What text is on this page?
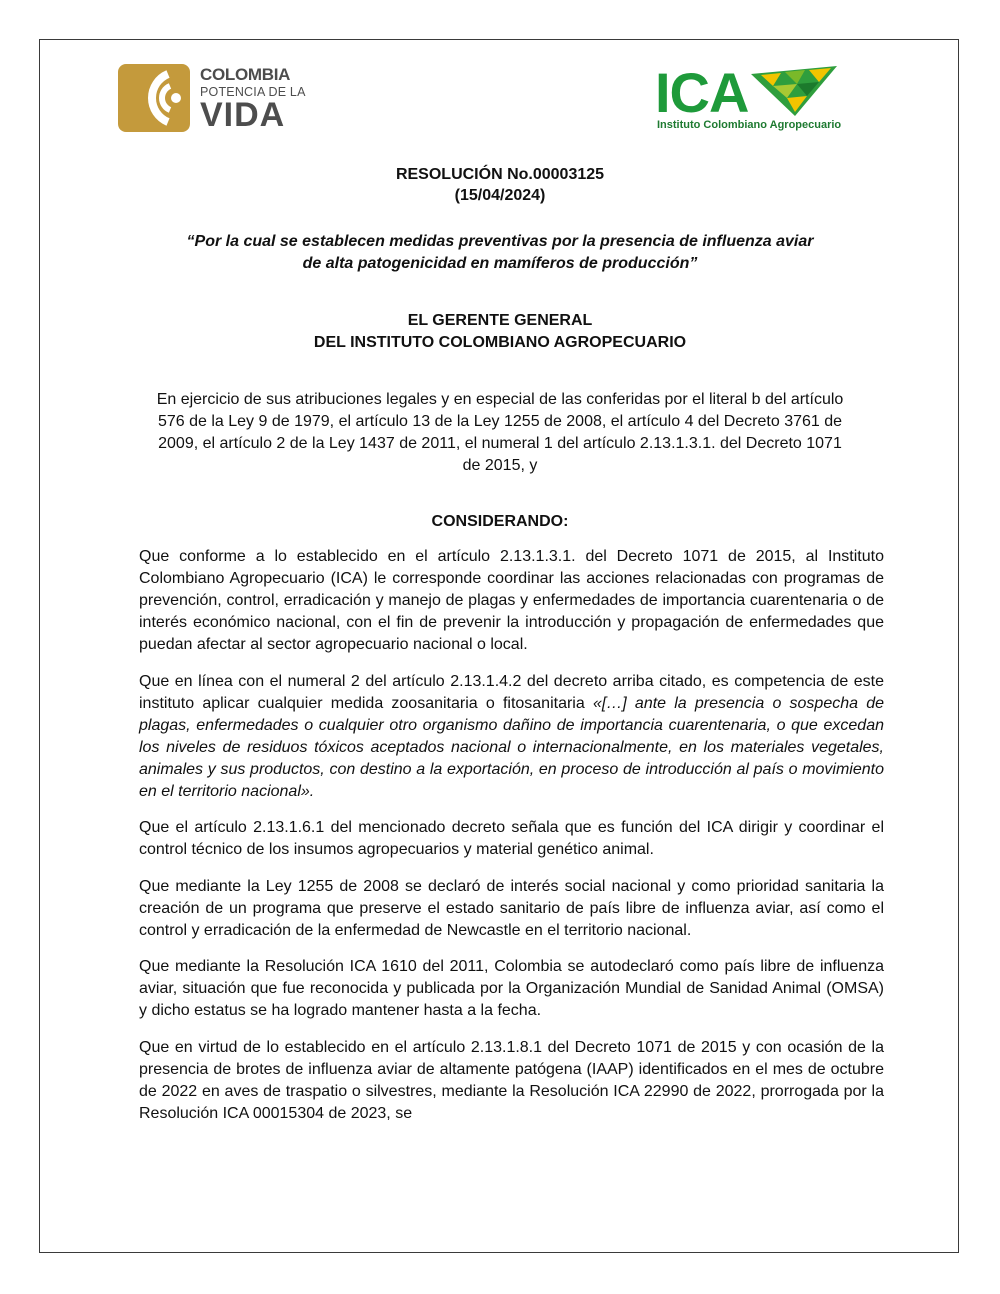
COLOMBIA
POTENCIA DE LA
VIDA	ICA
Instituto Colombiano Agropecuario
RESOLUCIÓN No.00003125
(15/04/2024)
“Por la cual se establecen medidas preventivas por la presencia de influenza aviar
de alta patogenicidad en mamíferos de producción”
EL GERENTE GENERAL
DEL INSTITUTO COLOMBIANO AGROPECUARIO
En ejercicio de sus atribuciones legales y en especial de las conferidas por el literal b del artículo 576 de la Ley 9 de 1979, el artículo 13 de la Ley 1255 de 2008, el artículo 4 del Decreto 3761 de 2009, el artículo 2 de la Ley 1437 de 2011, el numeral 1 del artículo 2.13.1.3.1. del Decreto 1071 de 2015, y
CONSIDERANDO:

Que conforme a lo establecido en el artículo 2.13.1.3.1. del Decreto 1071 de 2015, al Instituto Colombiano Agropecuario (ICA) le corresponde coordinar las acciones relacionadas con programas de prevención, control, erradicación y manejo de plagas y enfermedades de importancia cuarentenaria o de interés económico nacional, con el fin de prevenir la introducción y propagación de enfermedades que puedan afectar al sector agropecuario nacional o local.

Que en línea con el numeral 2 del artículo 2.13.1.4.2 del decreto arriba citado, es competencia de este instituto aplicar cualquier medida zoosanitaria o fitosanitaria «[…] ante la presencia o sospecha de plagas, enfermedades o cualquier otro organismo dañino de importancia cuarentenaria, o que excedan los niveles de residuos tóxicos aceptados nacional o internacionalmente, en los materiales vegetales, animales y sus productos, con destino a la exportación, en proceso de introducción al país o movimiento en el territorio nacional».

Que el artículo 2.13.1.6.1 del mencionado decreto señala que es función del ICA dirigir y coordinar el control técnico de los insumos agropecuarios y material genético animal.

Que mediante la Ley 1255 de 2008 se declaró de interés social nacional y como prioridad sanitaria la creación de un programa que preserve el estado sanitario de país libre de influenza aviar, así como el control y erradicación de la enfermedad de Newcastle en el territorio nacional.

Que mediante la Resolución ICA 1610 del 2011, Colombia se autodeclaró como país libre de influenza aviar, situación que fue reconocida y publicada por la Organización Mundial de Sanidad Animal (OMSA) y dicho estatus se ha logrado mantener hasta a la fecha.

Que en virtud de lo establecido en el artículo 2.13.1.8.1 del Decreto 1071 de 2015 y con ocasión de la presencia de brotes de influenza aviar de altamente patógena (IAAP) identificados en el mes de octubre de 2022 en aves de traspatio o silvestres, mediante la Resolución ICA 22990 de 2022, prorrogada por la Resolución ICA 00015304 de 2023, se
